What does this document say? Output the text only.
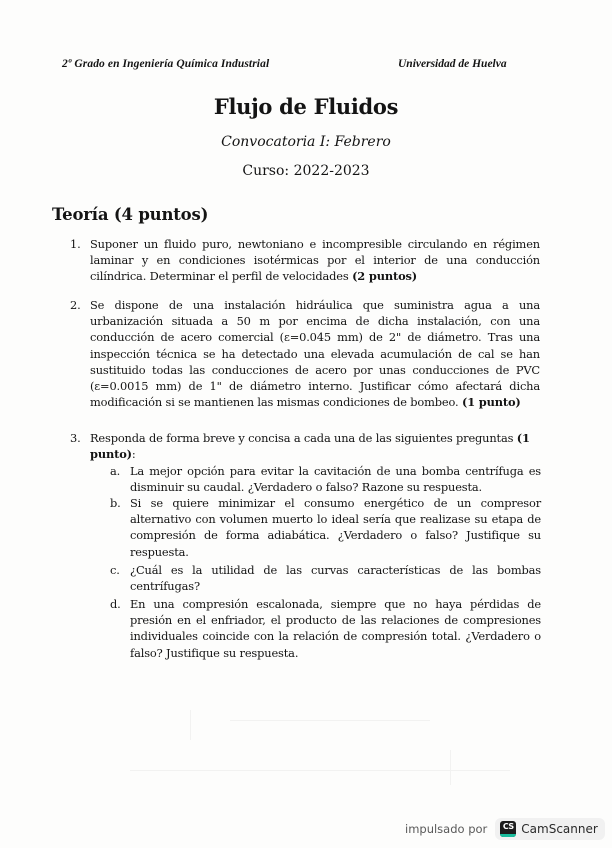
2º Grado en Ingeniería Química Industrial	Universidad de Huelva
Flujo de Fluidos
Convocatoria I: Febrero
Curso: 2022-2023
Teoría (4 puntos)
1. Suponer un fluido puro, newtoniano e incompresible circulando en régimen laminar y en condiciones isotérmicas por el interior de una conducción cilíndrica. Determinar el perfil de velocidades (2 puntos)
2. Se dispone de una instalación hidráulica que suministra agua a una urbanización situada a 50 m por encima de dicha instalación, con una conducción de acero comercial (ε=0.045 mm) de 2" de diámetro. Tras una inspección técnica se ha detectado una elevada acumulación de cal se han sustituido todas las conducciones de acero por unas conducciones de PVC (ε=0.0015 mm) de 1" de diámetro interno. Justificar cómo afectará dicha modificación si se mantienen las mismas condiciones de bombeo. (1 punto)
3. Responda de forma breve y concisa a cada una de las siguientes preguntas (1 punto):
a. La mejor opción para evitar la cavitación de una bomba centrífuga es disminuir su caudal. ¿Verdadero o falso? Razone su respuesta.
b. Si se quiere minimizar el consumo energético de un compresor alternativo con volumen muerto lo ideal sería que realizase su etapa de compresión de forma adiabática. ¿Verdadero o falso? Justifique su respuesta.
c. ¿Cuál es la utilidad de las curvas características de las bombas centrífugas?
d. En una compresión escalonada, siempre que no haya pérdidas de presión en el enfriador, el producto de las relaciones de compresiones individuales coincide con la relación de compresión total. ¿Verdadero o falso? Justifique su respuesta.
impulsado por CS CamScanner
